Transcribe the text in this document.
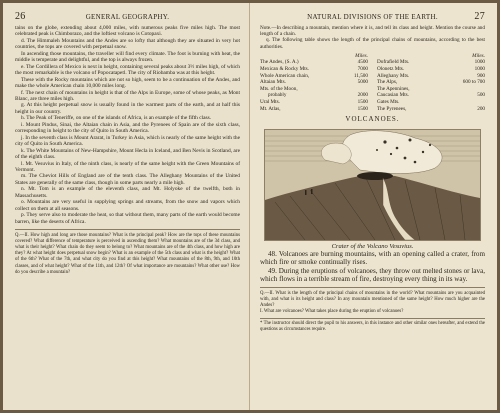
26	GENERAL GEOGRAPHY.

tains on the globe, extending about 4,000 miles, with numerous peaks five miles high. The most celebrated peak is Chimborazo, and the loftiest volcano is Cotopaxi.

d. The Himmaleh Mountains and the Andes are so lofty that although they are situated in very hot countries, the tops are covered with perpetual snow.

In ascending those mountains, the traveller will find every climate. The foot is burning with heat, the middle is temperate and delightful, and the top is always frozen.

e. The Cordillera of Mexico is next in height, containing several peaks about 3½ miles high, of which the most remarkable is the volcano of Popocatapetl. The city of Riobamba was at this height.

These with the Rocky mountains which are not so high, seem to be a continuation of the Andes, and make the whole American chain 10,000 miles long.

f. The next chain of mountains in height is that of the Alps in Europe, some of whose peaks, as Mont Blanc, are three miles high.

g. At this height perpetual snow is usually found in the warmest parts of the earth, and at half this height in our country.

h. The Peak of Teneriffe, on one of the islands of Africa, is an example of the fifth class.

i. Mount Pindus, Sinai, the Altaian chain in Asia, and the Pyrenees of Spain are of the sixth class, corresponding in height to the city of Quito in South America.

j. In the seventh class is Mount Ararat, in Turkey in Asia, which is nearly of the same height with the city of Quito in South America.

k. The White Mountains of New-Hampshire, Mount Hecla in Iceland, and Ben Nevis in Scotland, are of the eighth class.

l. Mt. Vesuvius in Italy, of the ninth class, is nearly of the same height with the Green Mountains of Vermont.

m. The Cheviot Hills of England are of the tenth class. The Alleghany Mountains of the United States are generally of the same class, though in some parts nearly a mile high.

n. Mt. Tom is an example of the eleventh class, and Mt. Holyoke of the twelfth, both in Massachusetts.

o. Mountains are very useful in supplying springs and streams, from the snow and vapors which collect on them at all seasons.

p. They serve also to moderate the heat, so that without them, many parts of the earth would become barren, like the deserts of Africa.

Q.—II. How high and long are those mountains? What is the principal peak? How are the tops of these mountains covered? What difference of temperature is perceived in ascending them? What mountains are of the 3d class, and what is their height? What chain do they seem to belong to? What mountains are of the 4th class, and how high are they? At what height does perpetual snow begin? What is an example of the 5th class and what is the height? What of the 6th? What of the 7th, and what city do you find at this height? What mountains of the 8th, 9th, and 10th classes, and of what height? What of the 11th, and 12th? Of what importance are mountains? What other use? How do you describe a mountain?

NATURAL DIVISIONS OF THE EARTH.	27

Note.—In describing a mountain, mention where it is, and tell its class and height. Mention the course and length of a chain.

q. The following table shows the length of the principal chains of mountains, according to the best authorities.

Miles.
The Andes, (S. A.)	4500
Mexican & Rocky Mts.	7000
Whole American chain,	11,500
Altaian Mts.	5000
Mts. of the Moon,
probably	2000
Ural Mts.	1500
Mt. Atlas,	1500
Miles.
Dofrafield Mts.	1000
Olonetz Mts.	1000
Alleghany Mts.	900
The Alps,	600 to 700
The Apennines,
Caucasian Mts.	500
Gates Mts.
The Pyrenees,	200
VOLCANOES.
Crater of the Volcano Vesuvius.

48. Volcanoes are burning mountains, with an opening called a crater, from which fire or smoke continually rises.

49. During the eruptions of volcanoes, they throw out melted stones or lava, which flows in a terrible stream of fire, destroying every thing in its way.

Q.—II. What is the length of the principal chains of mountains in the world? What mountains are you acquainted with, and what is its height and class? In any mountain mentioned of the same height? How much higher are the Andes?

I. What are volcanoes? What takes place during the eruption of volcanoes?

* The instructor should direct the pupil to his answers, in this instance and other similar ones hereafter, and extend the questions as circumstances require.
